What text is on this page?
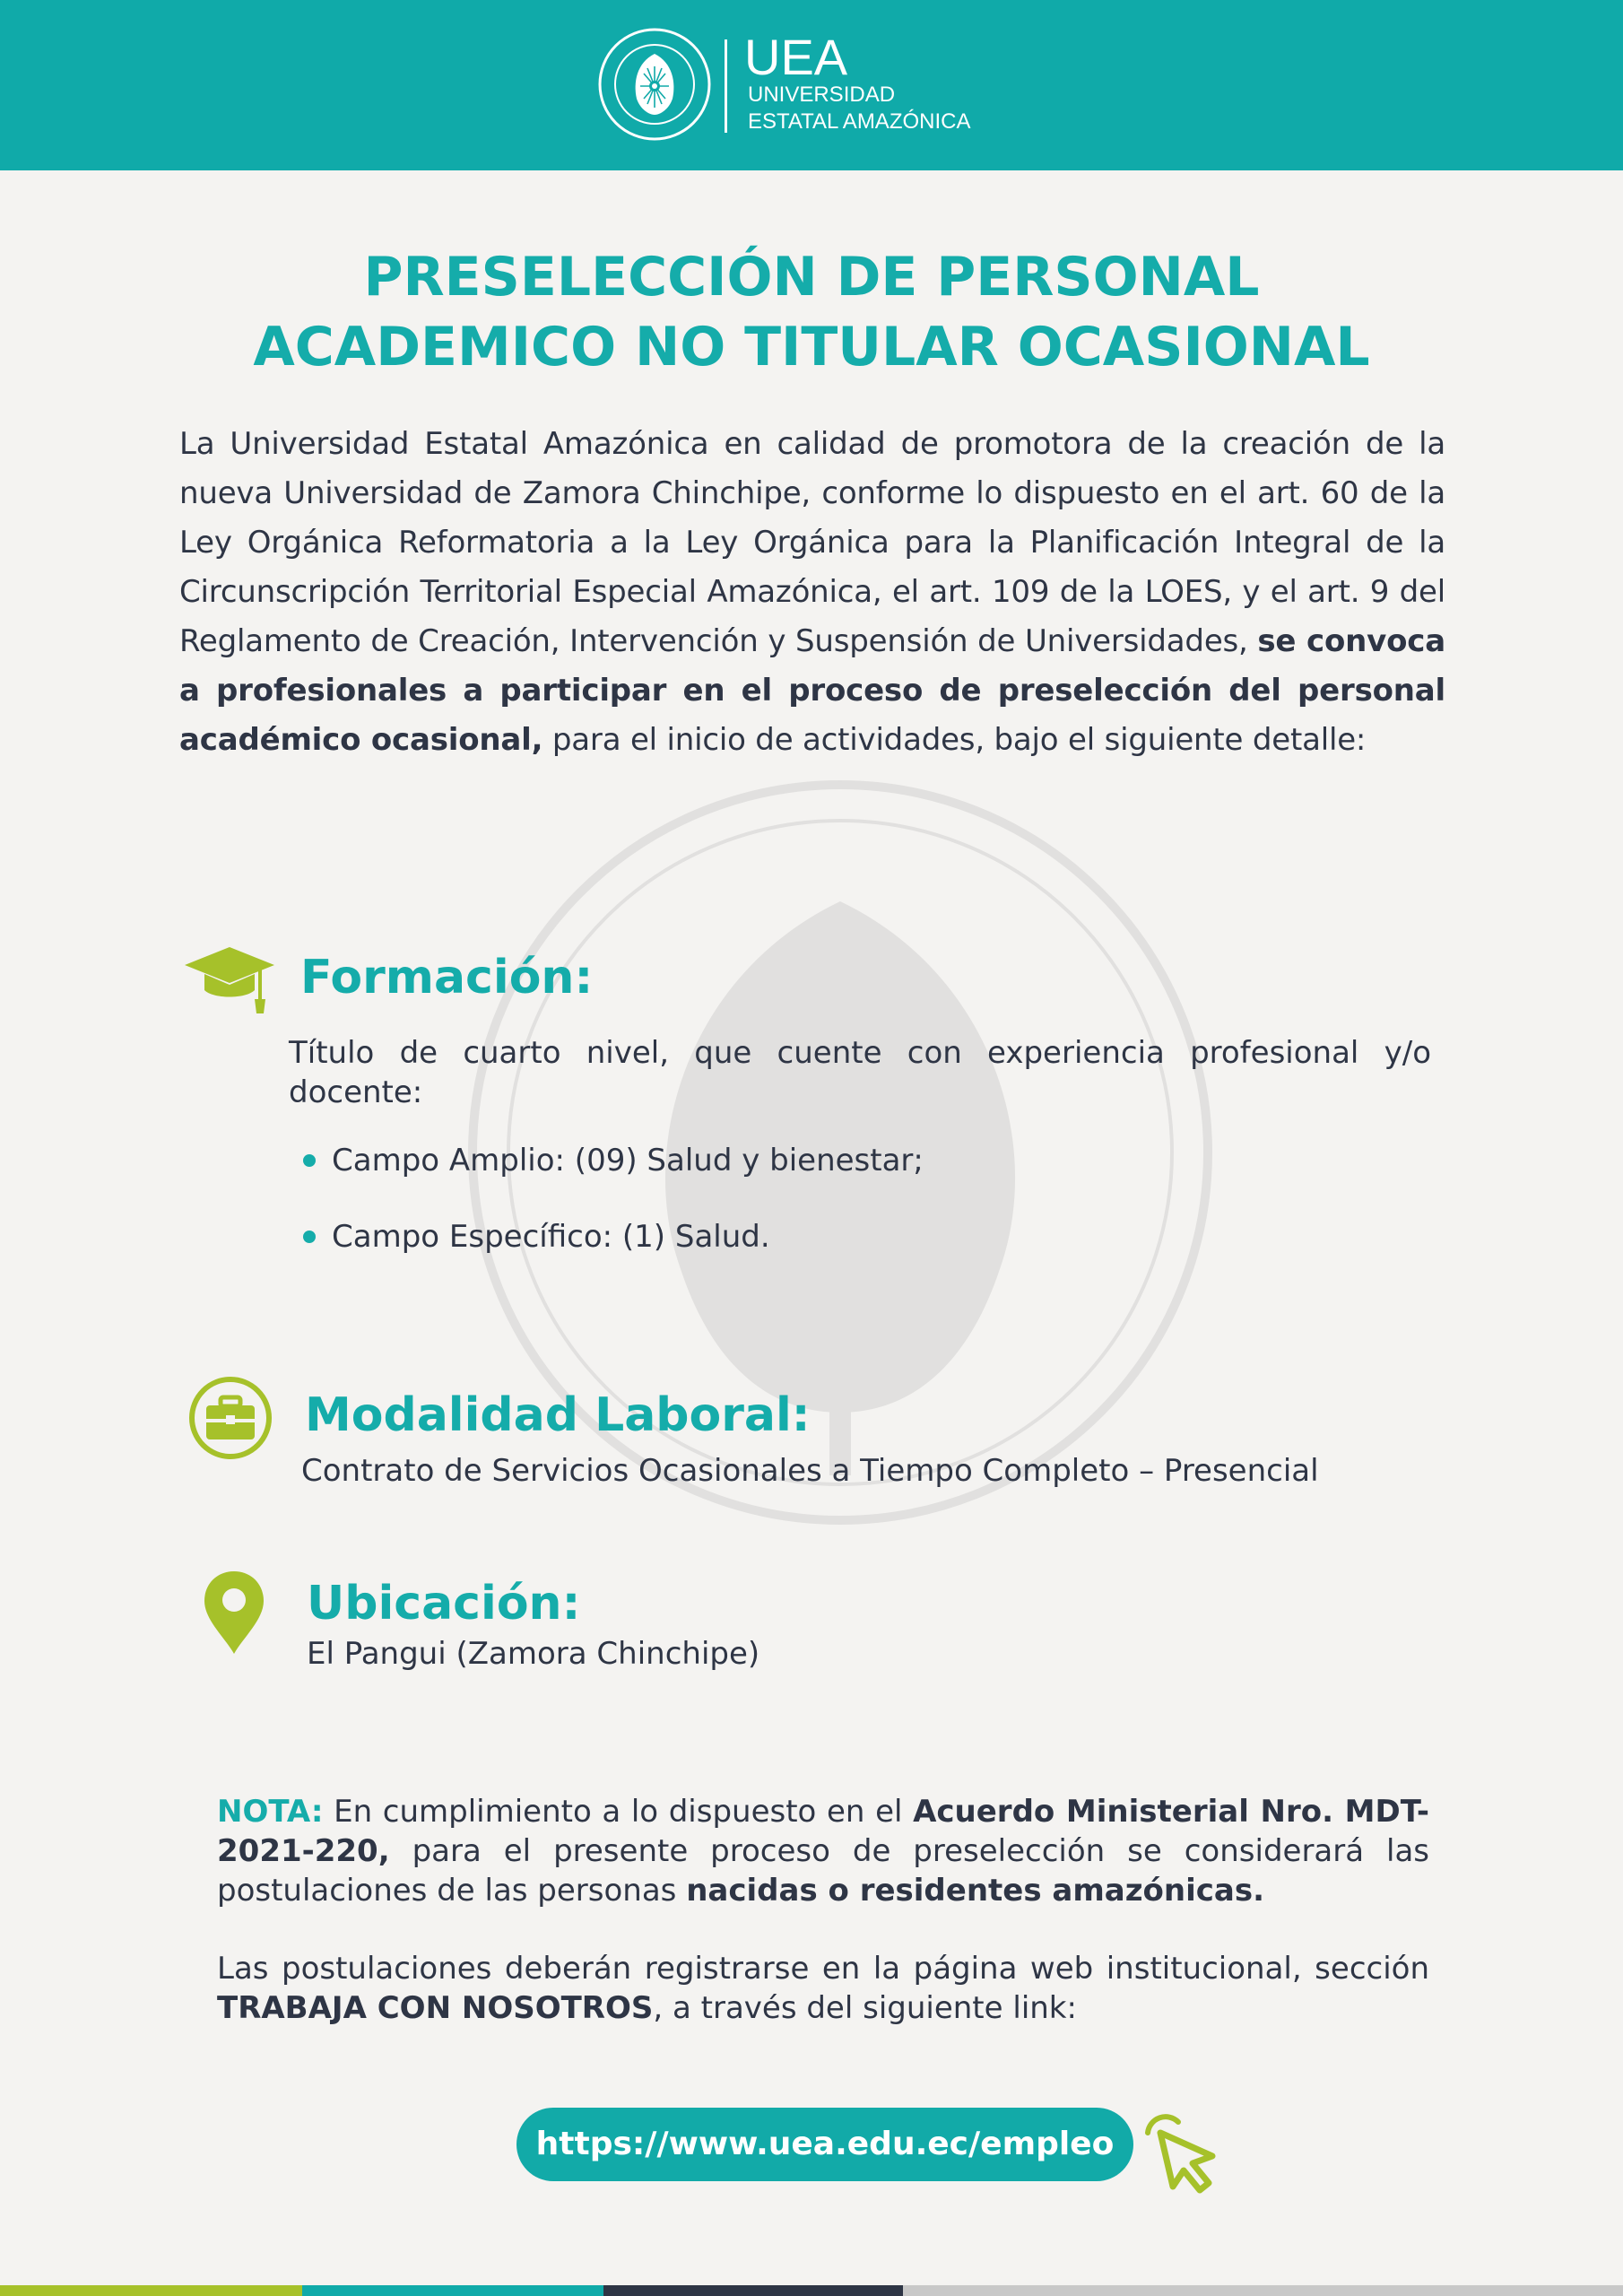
UEA
UNIVERSIDAD
ESTATAL AMAZÓNICA
PRESELECCIÓN DE PERSONAL
ACADEMICO NO TITULAR OCASIONAL
La Universidad Estatal Amazónica en calidad de promotora de la creación de la nueva Universidad de Zamora Chinchipe, conforme lo dispuesto en el art. 60 de la Ley Orgánica Reformatoria a la Ley Orgánica para la Planificación Integral de la Circunscripción Territorial Especial Amazónica, el art. 109 de la LOES, y el art. 9 del Reglamento de Creación, Intervención y Suspensión de Universidades, se convoca a profesionales a participar en el proceso de preselección del personal académico ocasional, para el inicio de actividades, bajo el siguiente detalle:
Formación:
Título de cuarto nivel, que cuente con experiencia profesional y/o docente:
Campo Amplio: (09) Salud y bienestar;
Campo Específico: (1) Salud.
Modalidad Laboral:
Contrato de Servicios Ocasionales a Tiempo Completo – Presencial
Ubicación:
El Pangui (Zamora Chinchipe)
NOTA: En cumplimiento a lo dispuesto en el Acuerdo Ministerial Nro. MDT-2021-220, para el presente proceso de preselección se considerará las postulaciones de las personas nacidas o residentes amazónicas.
Las postulaciones deberán registrarse en la página web institucional, sección TRABAJA CON NOSOTROS, a través del siguiente link:
https://www.uea.edu.ec/empleo
